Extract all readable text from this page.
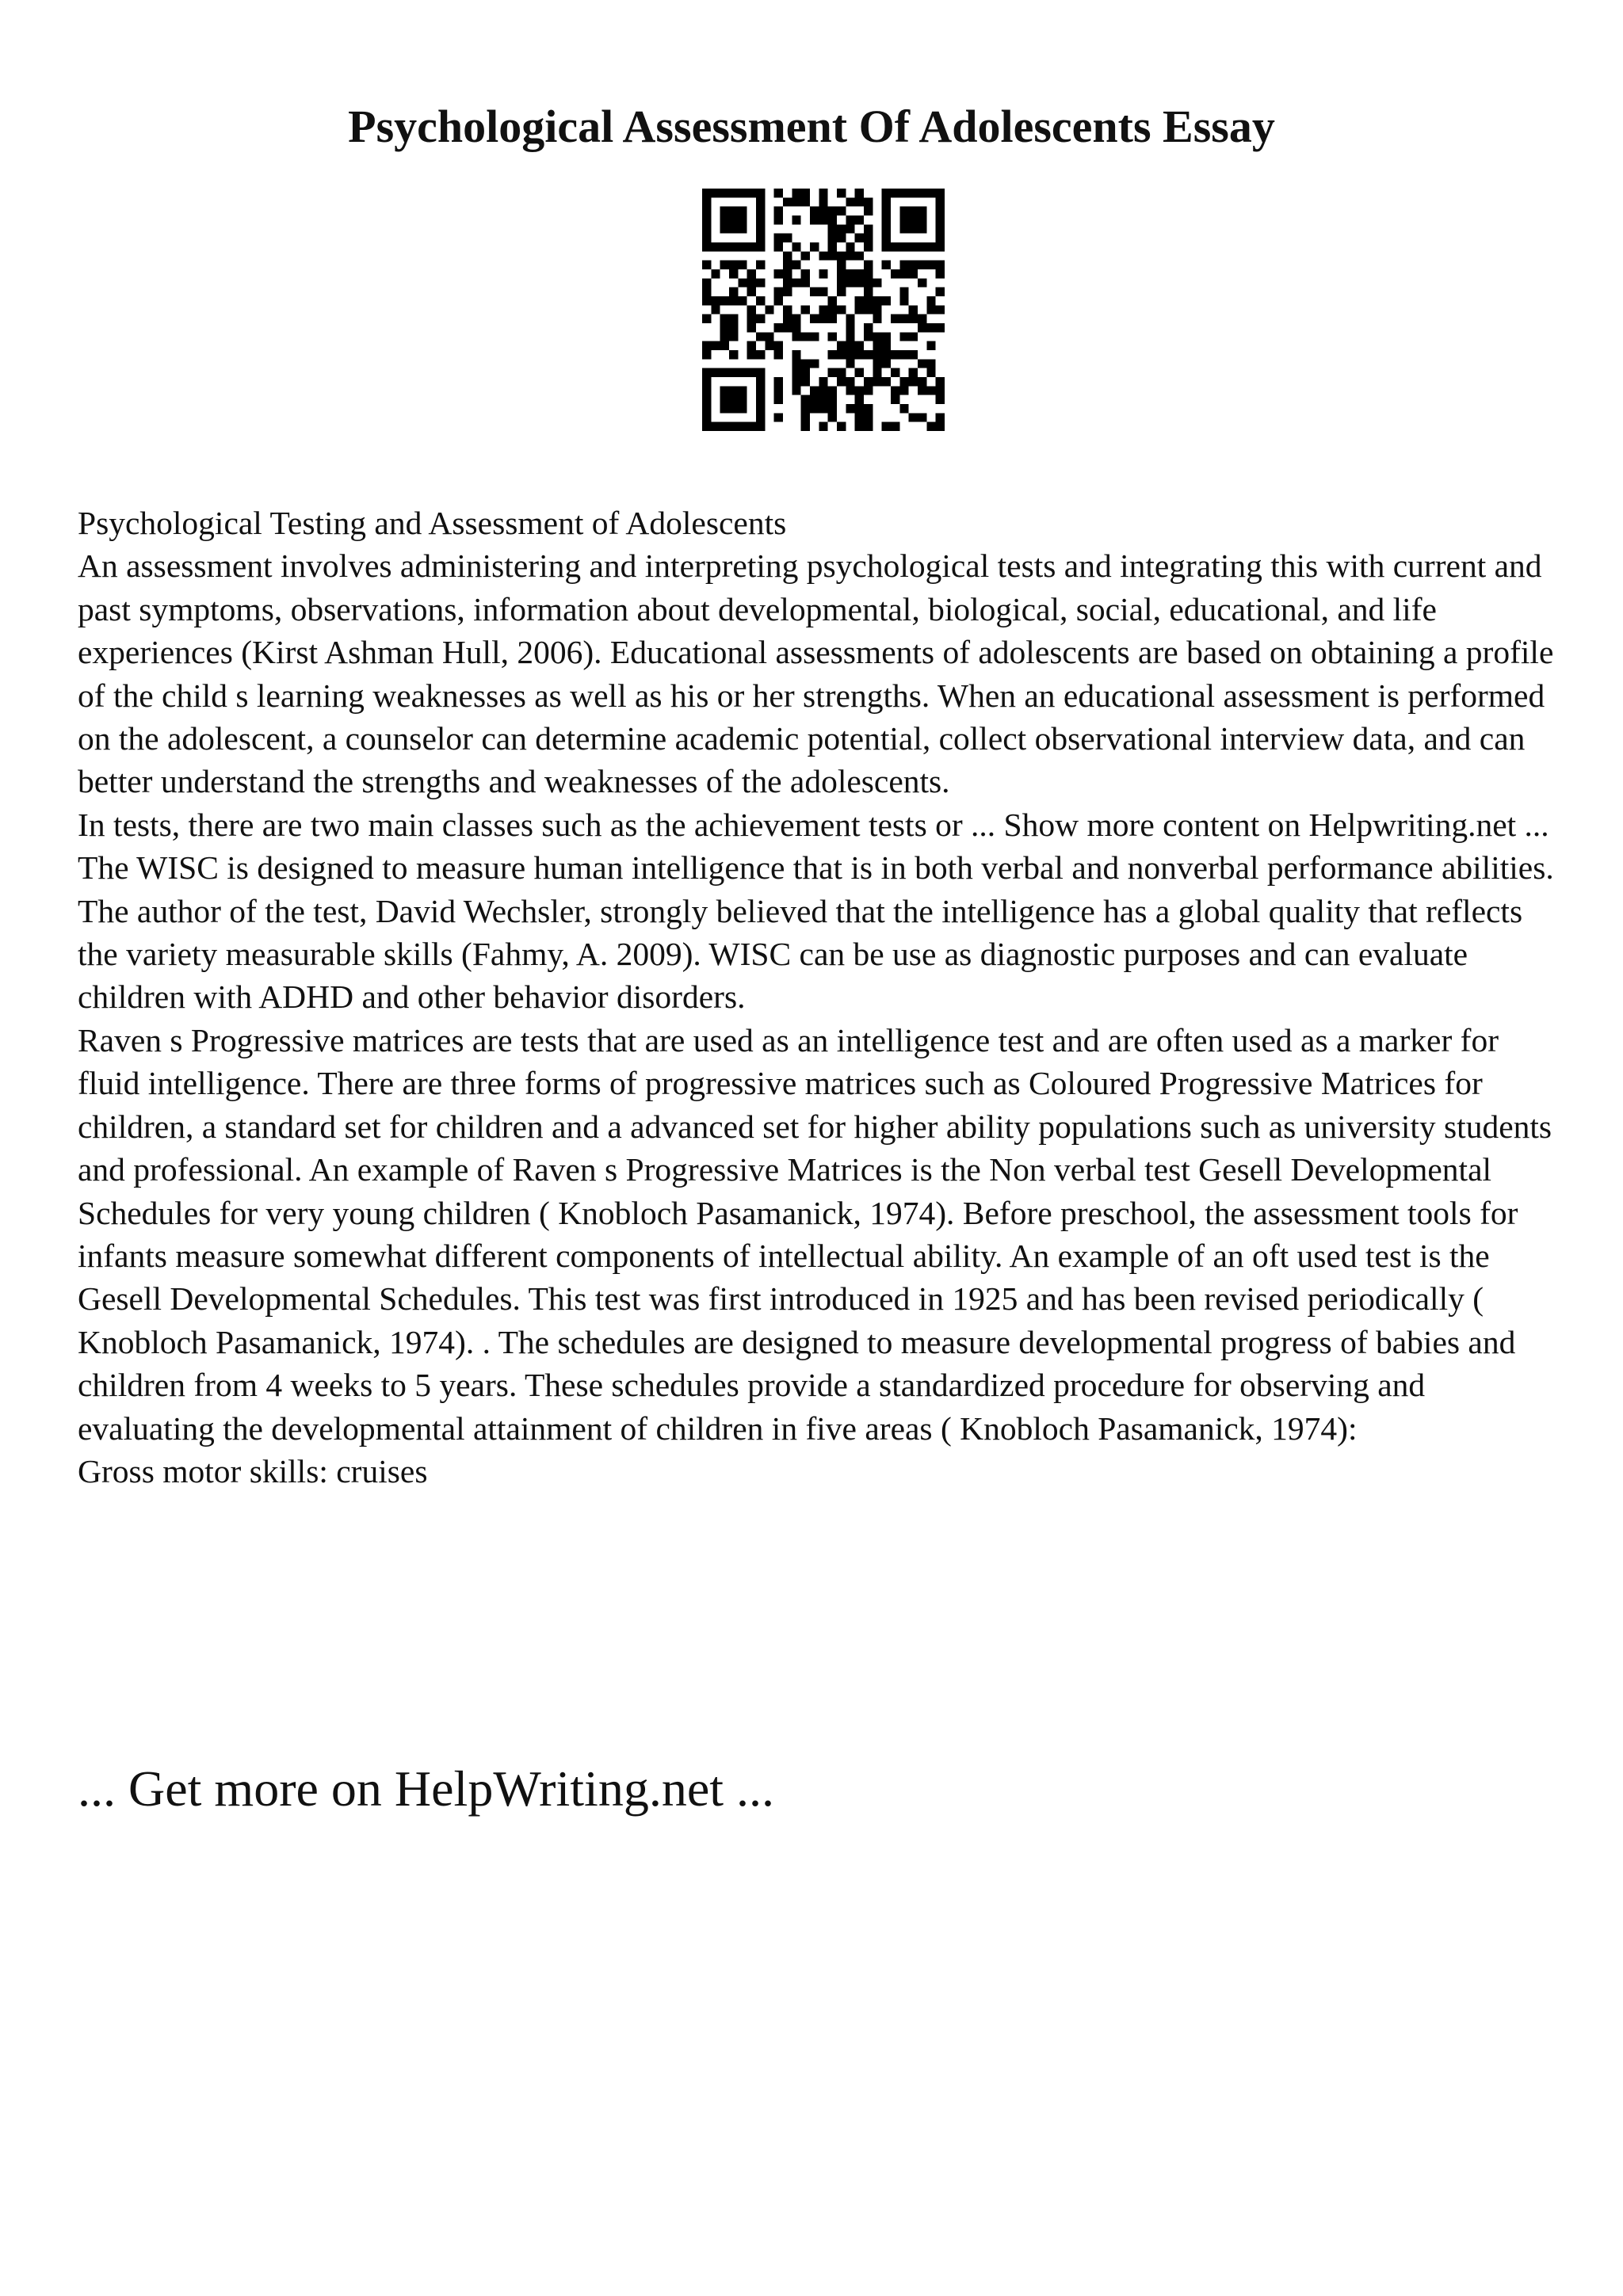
Psychological Assessment Of Adolescents Essay

Psychological Testing and Assessment of Adolescents

An assessment involves administering and interpreting psychological tests and integrating this with current and past symptoms, observations, information about developmental, biological, social, educational, and life experiences (Kirst Ashman Hull, 2006). Educational assessments of adolescents are based on obtaining a profile of the child s learning weaknesses as well as his or her strengths. When an educational assessment is performed on the adolescent, a counselor can determine academic potential, collect observational interview data, and can better understand the strengths and weaknesses of the adolescents.

In tests, there are two main classes such as the achievement tests or ... Show more content on Helpwriting.net ...

The WISC is designed to measure human intelligence that is in both verbal and nonverbal performance abilities. The author of the test, David Wechsler, strongly believed that the intelligence has a global quality that reflects the variety measurable skills (Fahmy, A. 2009). WISC can be use as diagnostic purposes and can evaluate children with ADHD and other behavior disorders.

Raven s Progressive matrices are tests that are used as an intelligence test and are often used as a marker for fluid intelligence. There are three forms of progressive matrices such as Coloured Progressive Matrices for children, a standard set for children and a advanced set for higher ability populations such as university students and professional. An example of Raven s Progressive Matrices is the Non verbal test Gesell Developmental Schedules for very young children ( Knobloch Pasamanick, 1974). Before preschool, the assessment tools for infants measure somewhat different components of intellectual ability. An example of an oft used test is the Gesell Developmental Schedules. This test was first introduced in 1925 and has been revised periodically ( Knobloch Pasamanick, 1974). . The schedules are designed to measure developmental progress of babies and children from 4 weeks to 5 years. These schedules provide a standardized procedure for observing and evaluating the developmental attainment of children in five areas ( Knobloch Pasamanick, 1974):

Gross motor skills: cruises

... Get more on HelpWriting.net ...
